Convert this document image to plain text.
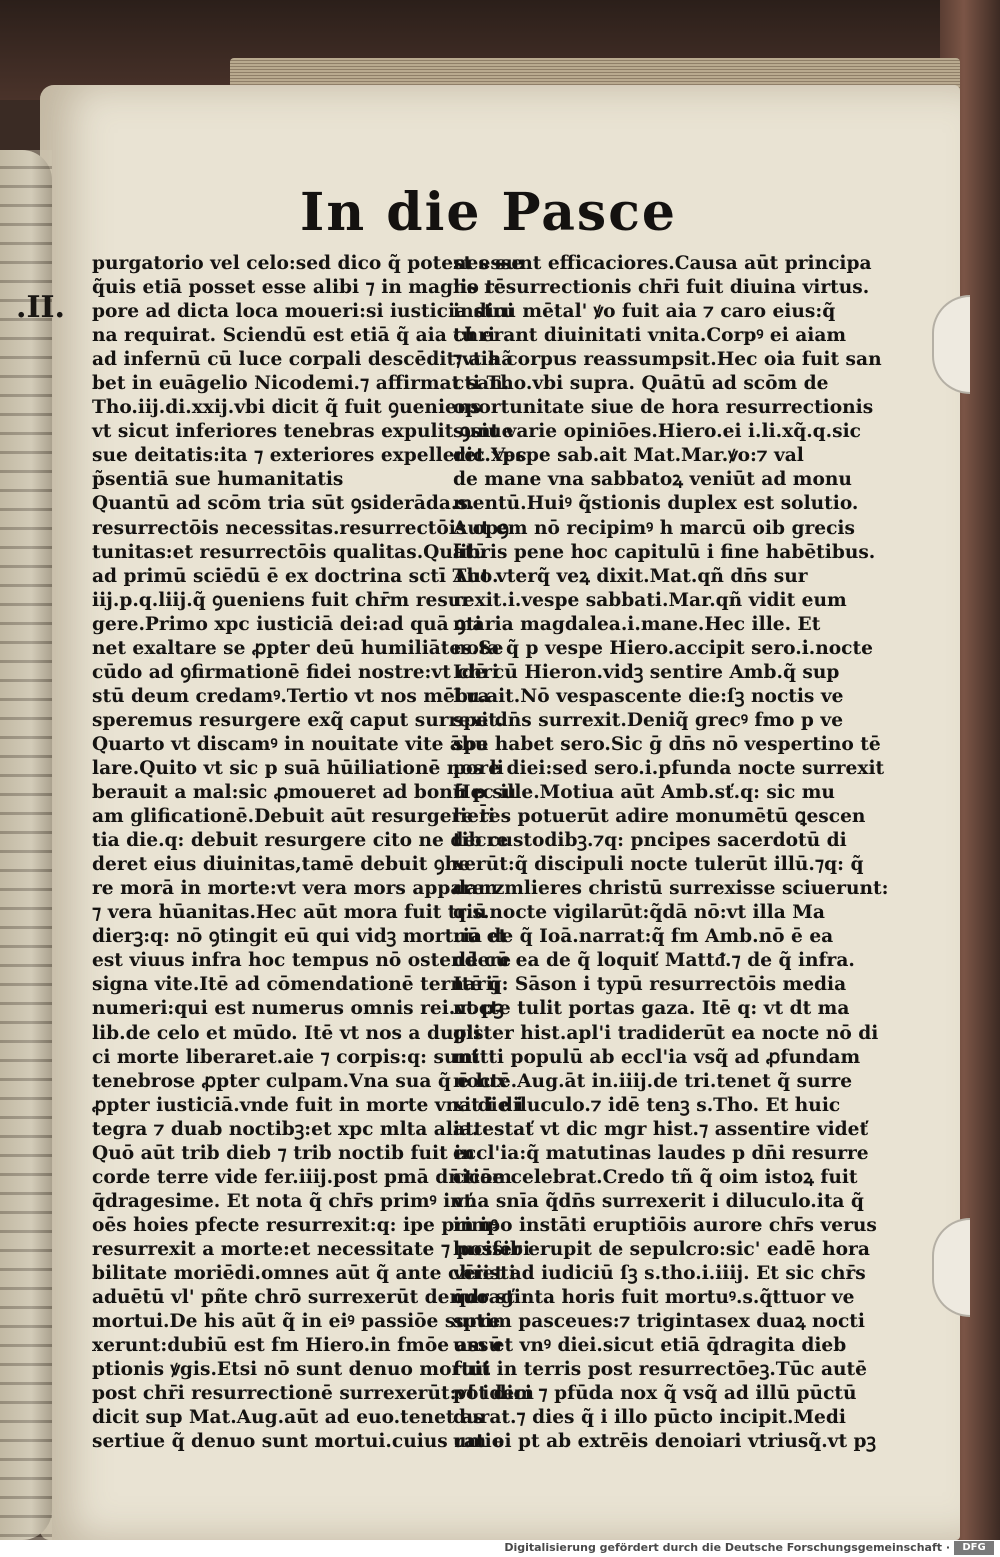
.II.
In die Pasce
purgatorio vel celo:sed dico q̃ potest esse
q̃uis etiā posset esse alibi ⁊ in magno tē
pore ad dicta loca moueri:si iusticia diui
na requirat. Sciendū est etiā q̃ aia chri
ad infernū cū luce corpali descēdit:vt hã
bet in euāgelio Nicodemi.⁊ affirmat san.
Tho.iij.di.xxij.vbi dicit q̃ fuit ꝯueniens
vt sicut inferiores tenebras expulit ꝯsiue
sue deitatis:ita ⁊ exteriores expelleret xpc
p̃sentiā sue humanitatis
Quantū ad scōm tria sūt ꝯsiderāda.s.
resurrectōis necessitas.resurrectōis opꝯ
tunitas:et resurrectōis qualitas.Quātū
ad primū sciēdū ē ex doctrina sctī Tho.
iij.p.q.liij.q̃ ꝯueniens fuit chr̄m resur
gere.Primo xpc iusticiā dei:ad quā ꝯti
net exaltare se ꝓpter deū humiliātes.Se
cūdo ad ꝯfirmationē fidei nostre:vt chri
stū deum credamꝰ.Tertio vt nos mēbra
speremus resurgere exq̃ caput surrexit.
Quarto vt discamꝰ in nouitate vite ābu
lare.Quito vt sic p suā hūiliationē nos li
berauit a mal:sic ꝓmoueret ad bonū p su
am glificationē.Debuit aūt resurgere t̄i
tia die.q: debuit resurgere cito ne decre
deret eius diuinitas,tamē debuit ꝯhe
re morā in morte:vt vera mors apparerz
⁊ vera hūanitas.Hec aūt mora fuit triū
dierꝫ:q: nō ꝯtingit eū qui vidꝫ mortuū et
est viuus infra hoc tempus nō ostendere
signa vite.Itē ad cōmendationē ternariȷ̄
numeri:qui est numerus omnis rei.vt pꝫ
lib.de celo et mūdo. Itē vt nos a dupli
ci morte liberaret.aie ⁊ corpis:q: sunt
tenebrose ꝓpter culpam.Vna sua q̃ ē lux
ꝓpter iusticiā.vnde fuit in morte vna die i
tegra ⁊ duab noctibꝫ:et xpc mlta alia.
Quō aūt trib dieb ⁊ trib noctib fuit in
corde terre vide fer.iiij.post pmā dn̄icam
q̄dragesime. Et nota q̃ chr̄s primꝰ inť
oēs hoies pfecte resurrexit:q: ipe primꝰ
resurrexit a morte:et necessitate ⁊ possibi
bilitate moriēdi.omnes aūt q̃ ante christi
aduētū vl' pñte chrō surrexerūt denuo sť
mortui.De his aūt q̃ in eiꝰ passiōe surre
xerunt:dubiū est fm Hiero.in fmōe assū
ptionis ꝟgis.Etsi nō sunt denuo mortui
post chr̄i resurrectionē surrexerūt:vt idem
dicit sup Mat.Aug.aūt ad euo.tenet as
sertiue q̃ denuo sunt mortui.cuius ratio
nes sunt efficaciores.Causa aūt principa
lis resurrectionis chr̄i fuit diuina virtus.
instru mētal' ꝟo fuit aia ⁊ caro eius:q̃
tū erant diuinitati vnita.Corpꝰ ei aiam
⁊ aia corpus reassumpsit.Hec oia fuit san
cti Tho.vbi supra. Quātū ad scōm de
oportunitate siue de hora resurrectionis
sunt varie opiniōes.Hiero.ei i.li.xq̃.q.sic
dic.Vespe sab.ait Mat.Mar.ꝟo:⁊ val
de mane vna sabbatoꝝ veniūt ad monu
mentū.Huiꝰ q̃stionis duplex est solutio.
Aut em nō recipimꝰ h marcū oib grecis
libris pene hoc capitulū i fine habētibus.
Aut vterq̃ veꝝ dixit.Mat.qñ dn̄s sur
rexit.i.vespe sabbati.Mar.qñ vidit eum
maria magdalea.i.mane.Hec ille. Et
nota q̃ p vespe Hiero.accipit sero.i.nocte
Idē cū Hieron.vidꝫ sentire Amb.q̃ sup
Lu.ait.Nō vespascente die:ſꝫ noctis ve
spe dn̄s surrexit.Deniq̃ grecꝰ fmo p ve
spe habet sero.Sic ḡ dn̄s nō vespertino tē
pore diei:sed sero.i.pfunda nocte surrexit
Hec ille.Motiua aūt Amb.sť.q: sic mu
lieres potuerūt adire monumētū ꝗescen
tib custodibꝫ.⁊q: pncipes sacerdotū di
xerūt:q̃ discipuli nocte tulerūt illū.⁊q: q̃
dam mlieres christū surrexisse sciuerunt:
q.s.nocte vigilarūt:q̃dā nō:vt illa Ma
ria de q̃ Ioā.narrat:q̃ fm Amb.nō ē ea
dē cū ea de q̃ loquiť Mattᵭ.⁊ de q̃ infra.
Itē q: Sāson i typū resurrectōis media
nocte tulit portas gaza. Itē q: vt dt ma
gister hist.apl'i tradiderūt ea nocte nō di
mitti populū ab eccl'ia vsq̃ ad ꝓfundam
noctē.Aug.āt in.iiij.de tri.tenet q̃ surre
xit i diluculo.⁊ idē tenꝫ s.Tho. Et huic
attestať vt dic mgr hist.⁊ assentire videť
eccl'ia:q̃ matutinas laudes p dn̄i resurre
ctiōe celebrat.Credo tñ q̃ oim istoꝝ fuit
vna snīa q̃dn̄s surrexerit i diluculo.ita q̃
in ipo instāti eruptiōis aurore chr̄s verus
lucifer erupit de sepulcro:sic' eadē hora
vēiet ad iudiciū ſꝫ s.tho.i.iiij. Et sic chr̄s
q̄draginta horis fuit mortuꝰ.s.q̃ttuor ve
sptim pasceues:⁊ trigintasex duaꝝ nocti
um et vnꝰ diei.sicut etiā q̄dragita dieb
fuit in terris post resurrectōeꝫ.Tūc autē
pōt dici ⁊ pfūda nox q̃ vsq̃ ad illū pūctū
durat.⁊ dies q̃ i illo pūcto incipit.Medi
um ei pt ab extrēis denoiari vtriusq̃.vt pꝫ
Digitalisierung gefördert durch die Deutsche Forschungsgemeinschaft ·	DFG
